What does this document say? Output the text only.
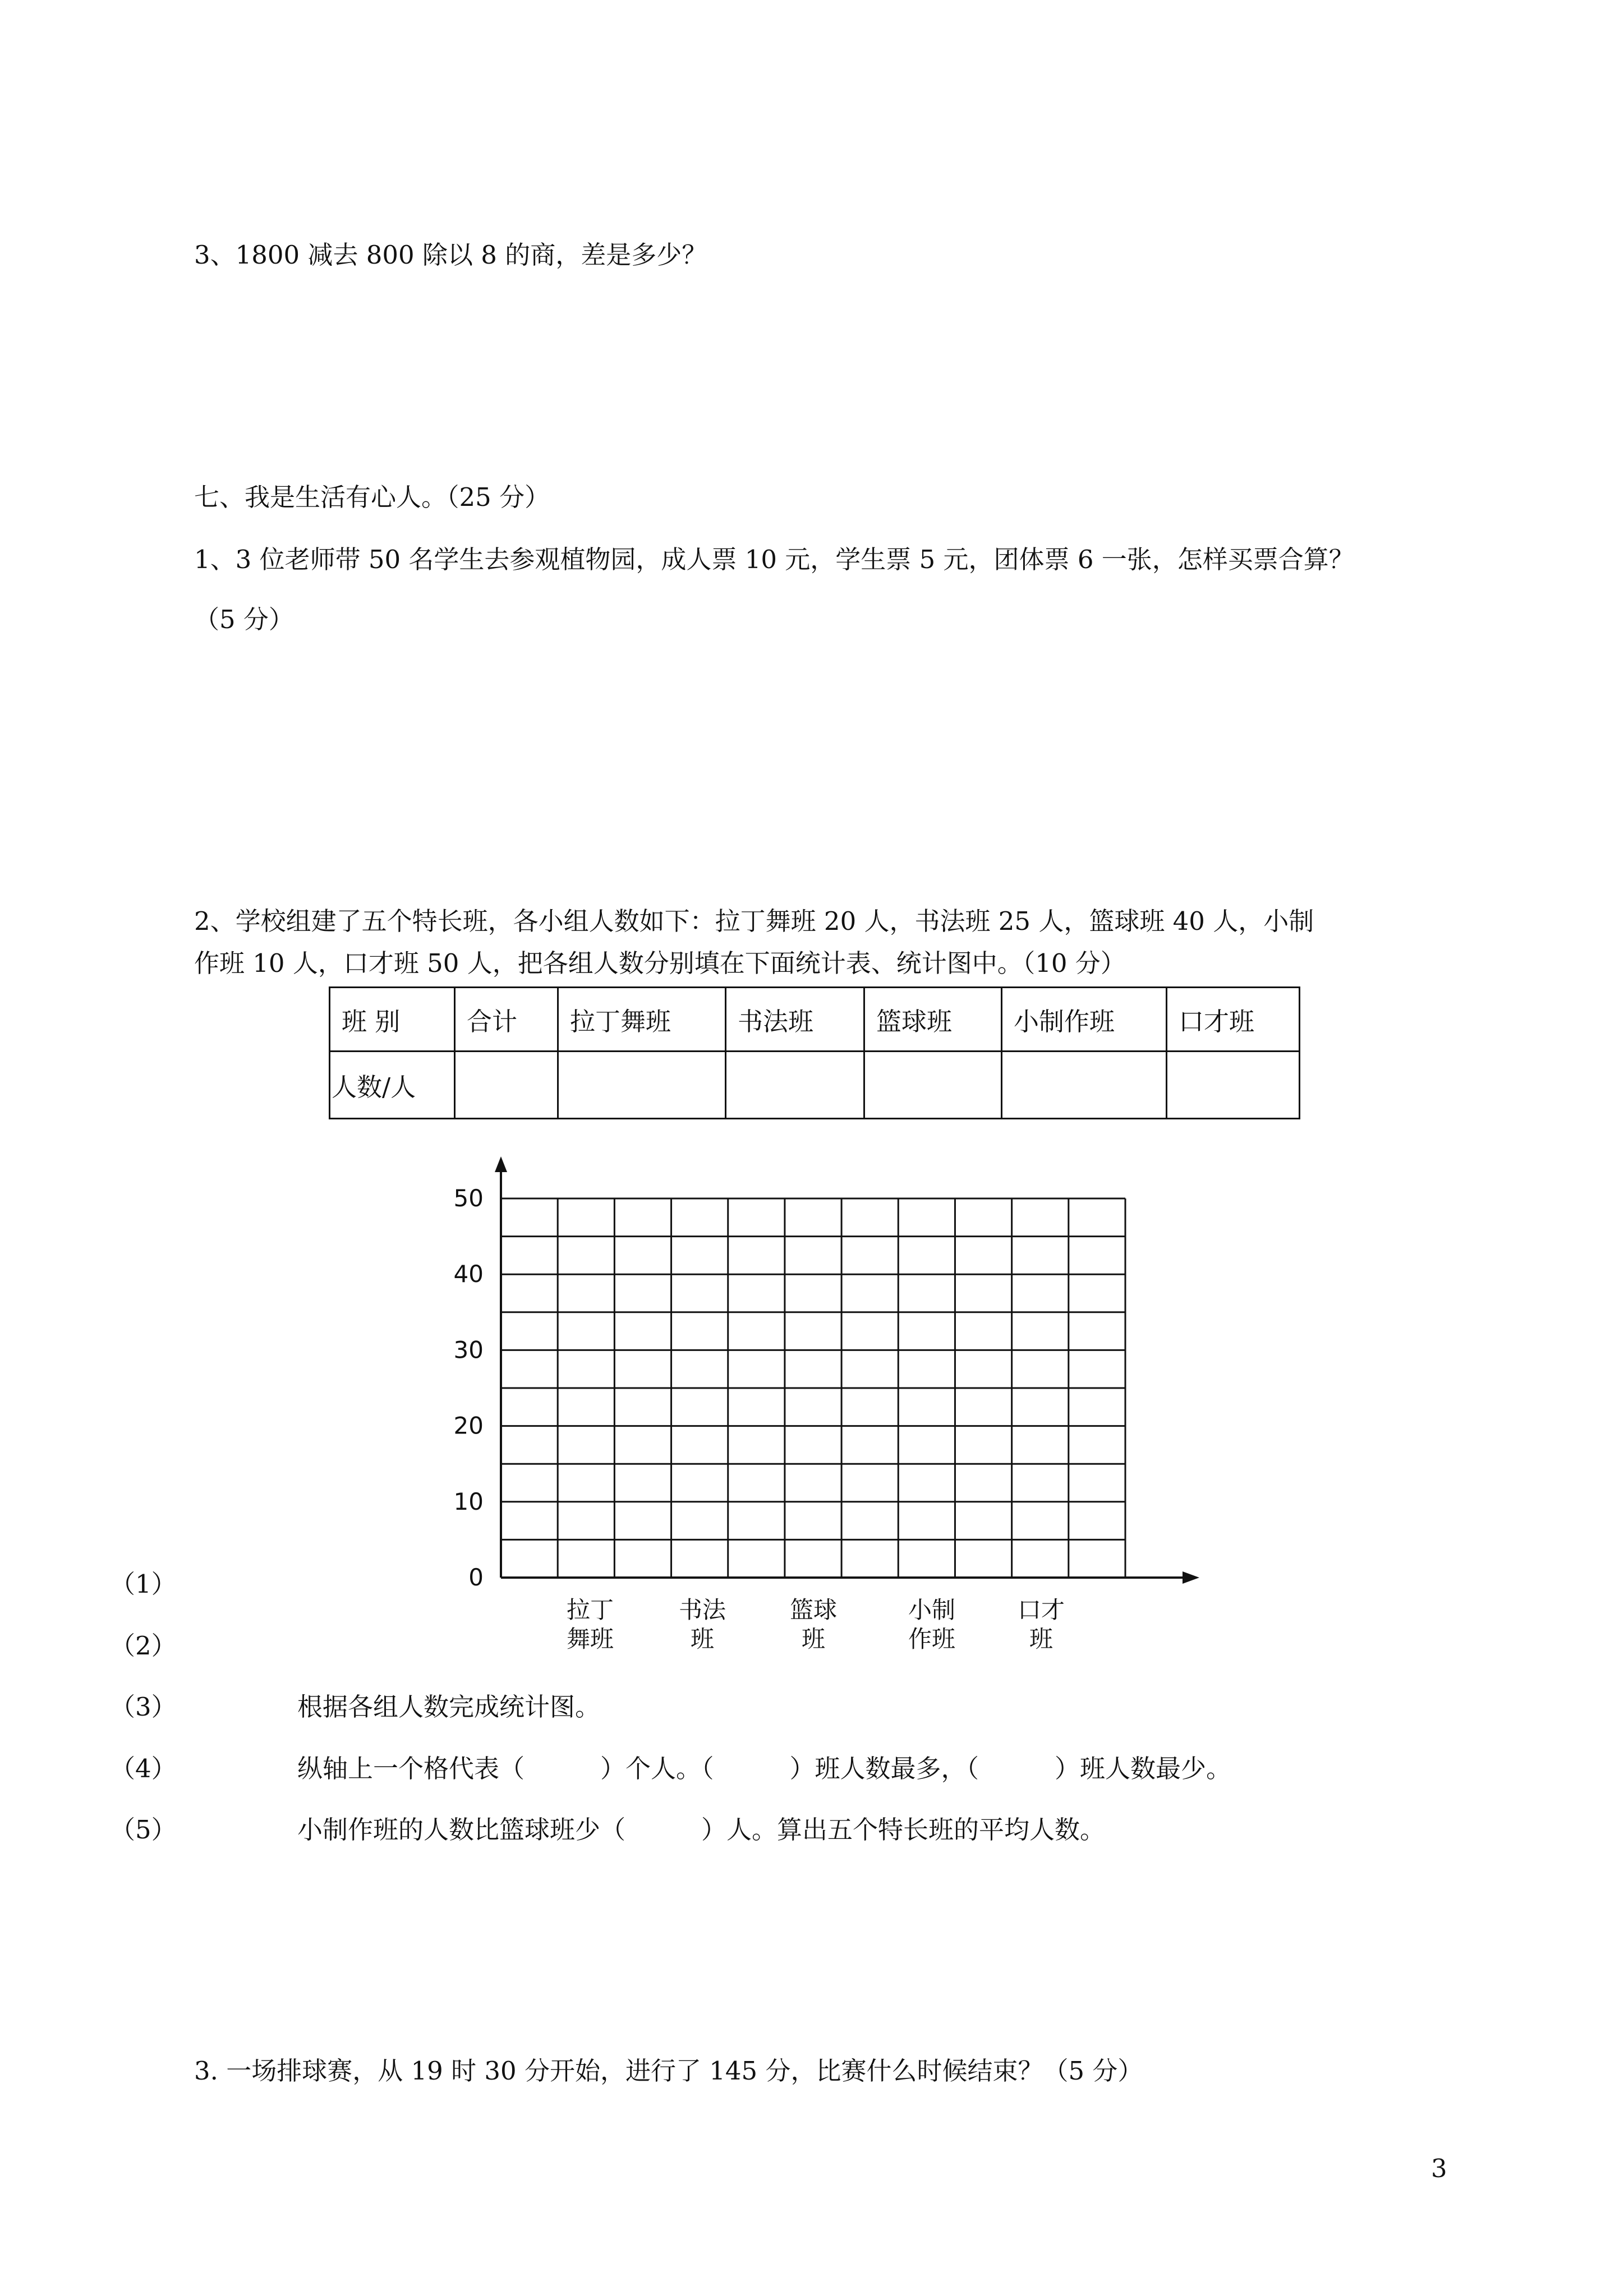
3、1800 减去 800 除以 8 的商，差是多少？
七、我是生活有心人。（25 分）
1、3 位老师带 50 名学生去参观植物园，成人票 10 元，学生票 5 元，团体票 6 一张，怎样买票合算？
（5 分）
2、学校组建了五个特长班，各小组人数如下：拉丁舞班 20 人，书法班 25 人，篮球班 40 人，小制
作班 10 人，口才班 50 人，把各组人数分别填在下面统计表、统计图中。（10 分）
班 别	合计	拉丁舞班	书法班	篮球班	小制作班	口才班
人数/人						
0
10
20
30
40
50
拉丁
舞班
书法
班
篮球
班
小制
作班
口才
班
（1）
（2）
（3）	根据各组人数完成统计图。
（4）	纵轴上一个格代表（　　　）个人。（　　　）班人数最多，（　　　）班人数最少。
（5）	小制作班的人数比篮球班少（　　　）人。算出五个特长班的平均人数。
3. 一场排球赛，从 19 时 30 分开始，进行了 145 分，比赛什么时候结束？（5 分）
3
